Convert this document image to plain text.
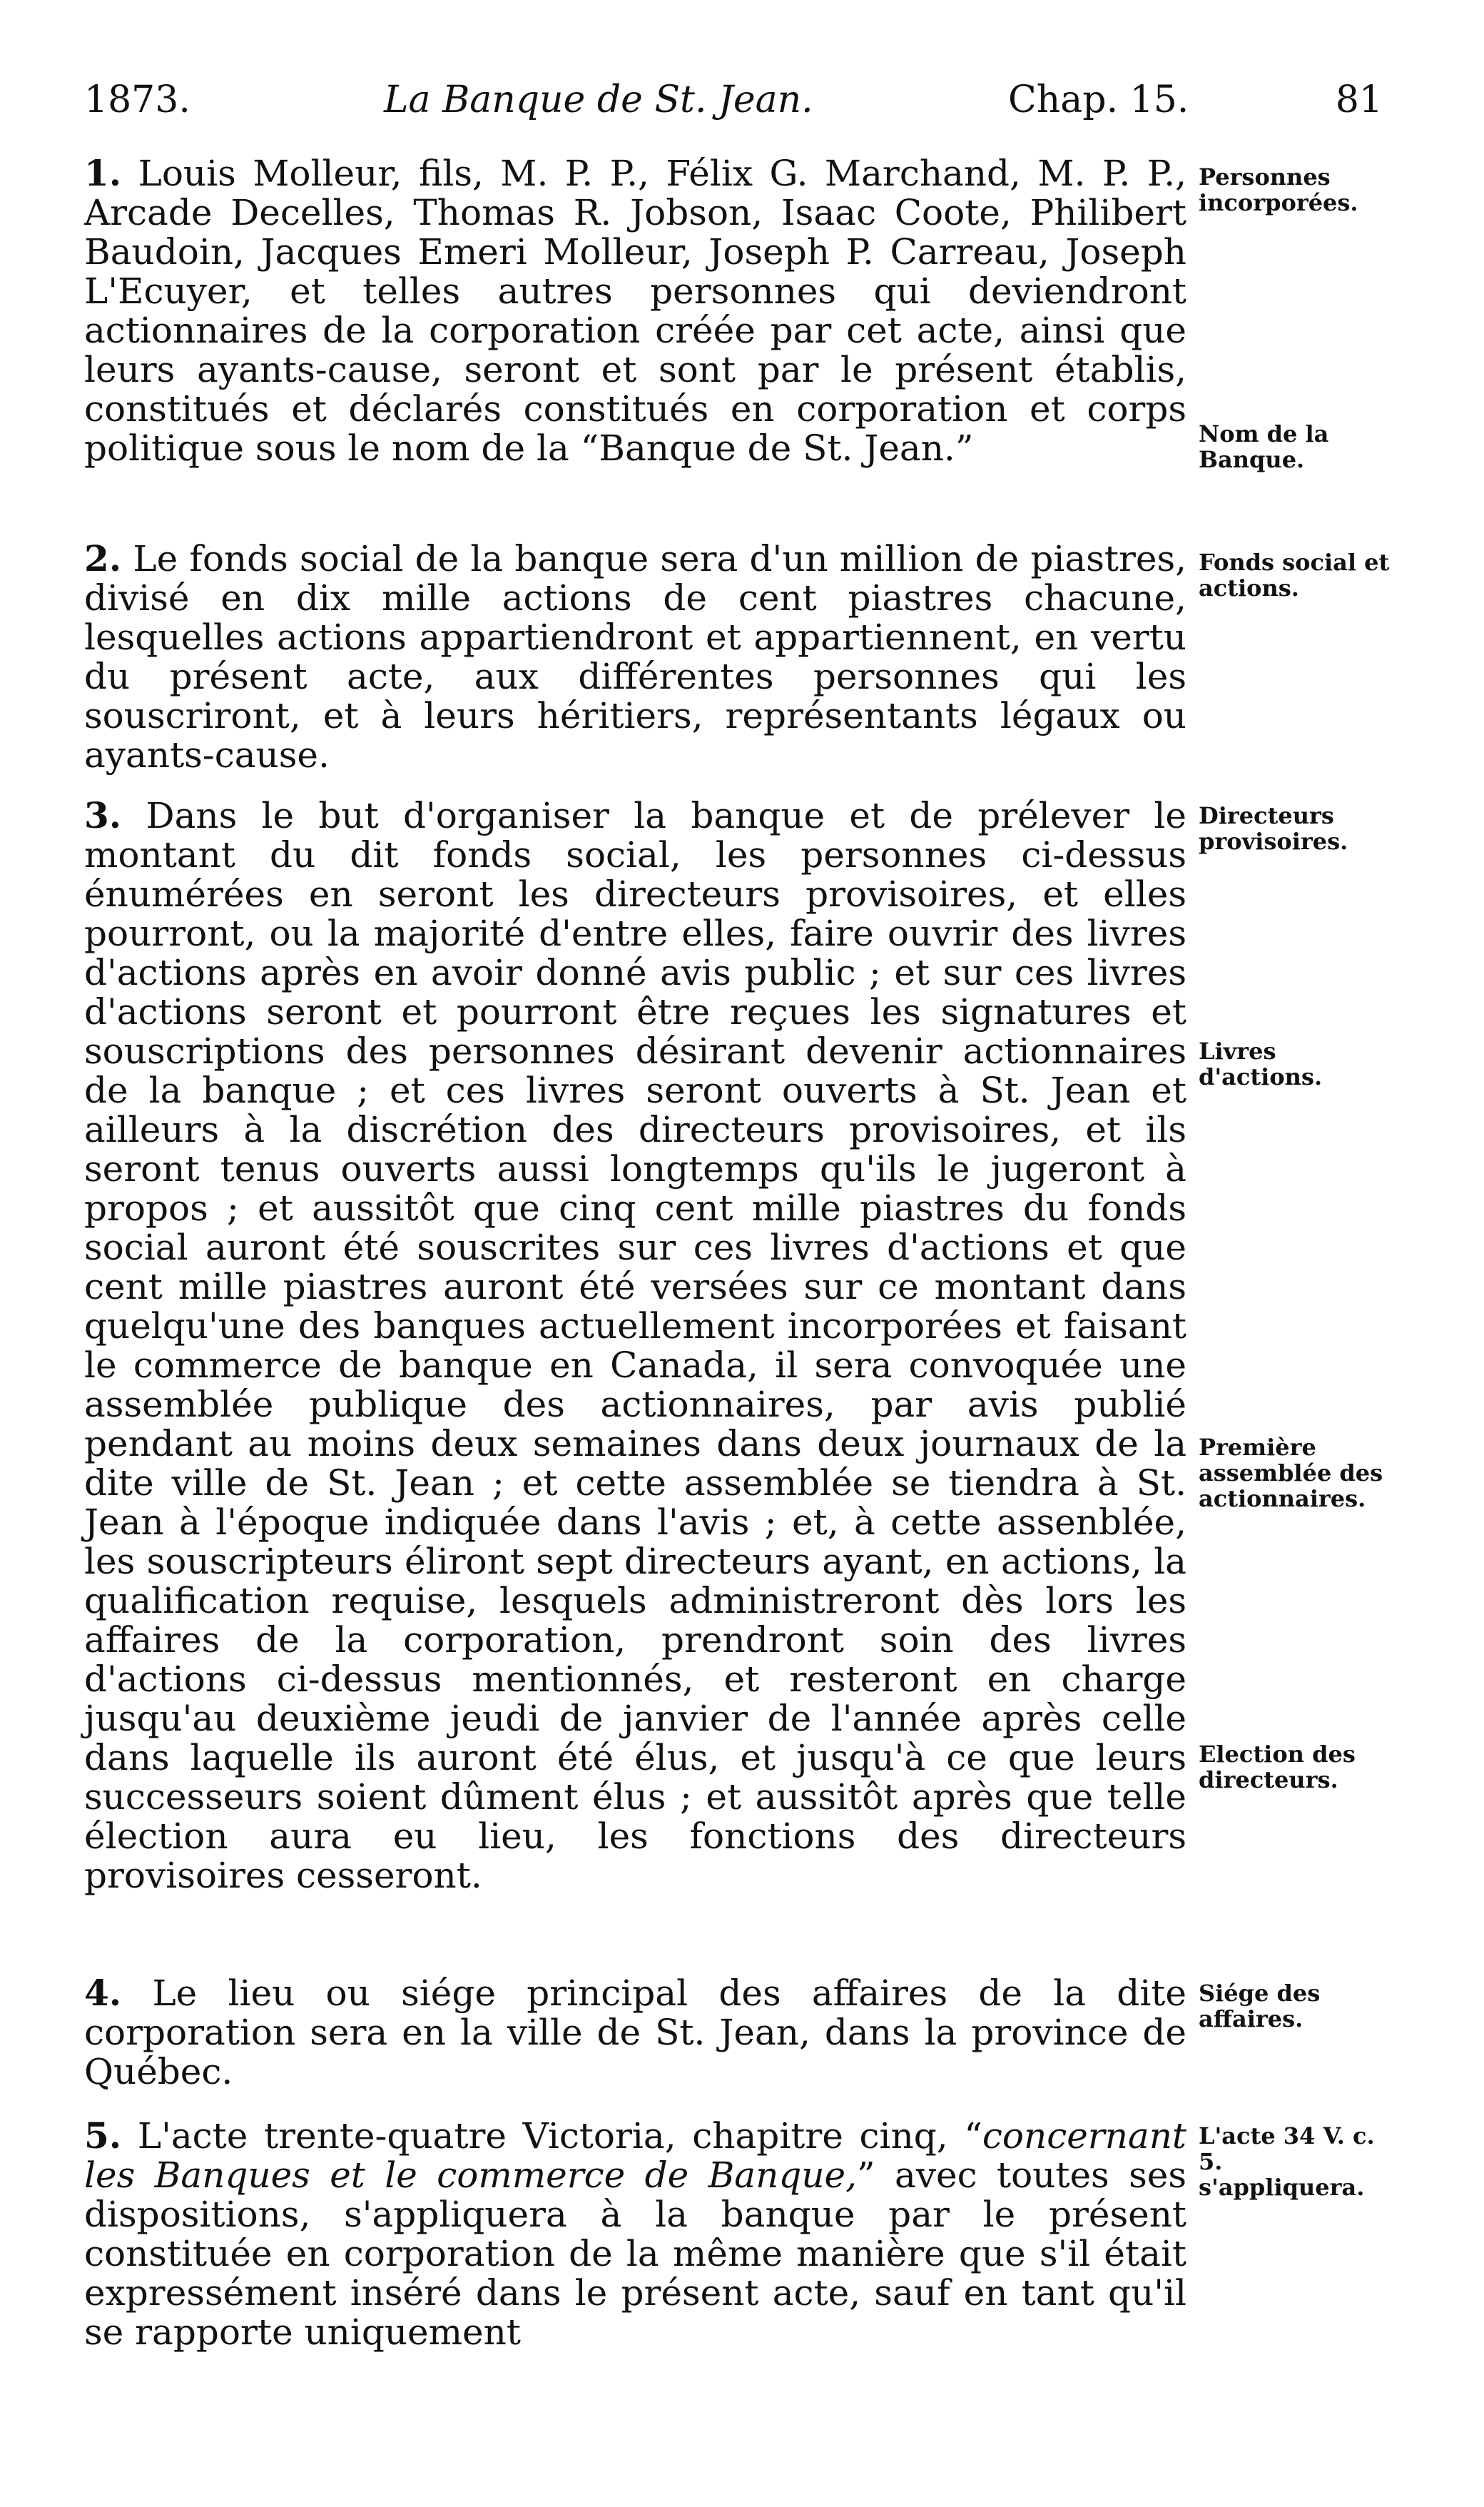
1873.	La Banque de St. Jean.	Chap. 15.	81
1. Louis Molleur, fils, M. P. P., Félix G. Marchand, M. P. P., Arcade Decelles, Thomas R. Jobson, Isaac Coote, Philibert Baudoin, Jacques Emeri Molleur, Joseph P. Carreau, Joseph L'Ecuyer, et telles autres personnes qui deviendront actionnaires de la corporation créée par cet acte, ainsi que leurs ayants-cause, seront et sont par le présent établis, constitués et déclarés constitués en corporation et corps politique sous le nom de la “Banque de St. Jean.”
2. Le fonds social de la banque sera d'un million de piastres, divisé en dix mille actions de cent piastres chacune, lesquelles actions appartiendront et appartiennent, en vertu du présent acte, aux différentes personnes qui les souscriront, et à leurs héritiers, représentants légaux ou ayants-cause.
3. Dans le but d'organiser la banque et de prélever le montant du dit fonds social, les personnes ci-dessus énumérées en seront les directeurs provisoires, et elles pourront, ou la majorité d'entre elles, faire ouvrir des livres d'actions après en avoir donné avis public ; et sur ces livres d'actions seront et pourront être reçues les signatures et souscriptions des personnes désirant devenir actionnaires de la banque ; et ces livres seront ouverts à St. Jean et ailleurs à la discrétion des directeurs provisoires, et ils seront tenus ouverts aussi longtemps qu'ils le jugeront à propos ; et aussitôt que cinq cent mille piastres du fonds social auront été souscrites sur ces livres d'actions et que cent mille piastres auront été versées sur ce montant dans quelqu'une des banques actuellement incorporées et faisant le commerce de banque en Canada, il sera convoquée une assemblée publique des actionnaires, par avis publié pendant au moins deux semaines dans deux journaux de la dite ville de St. Jean ; et cette assemblée se tiendra à St. Jean à l'époque indiquée dans l'avis ; et, à cette assenblée, les souscripteurs éliront sept directeurs ayant, en actions, la qualification requise, lesquels administreront dès lors les affaires de la corporation, prendront soin des livres d'actions ci-dessus mentionnés, et resteront en charge jusqu'au deuxième jeudi de janvier de l'année après celle dans laquelle ils auront été élus, et jusqu'à ce que leurs successeurs soient dûment élus ; et aussitôt après que telle élection aura eu lieu, les fonctions des directeurs provisoires cesseront.
4. Le lieu ou siége principal des affaires de la dite corporation sera en la ville de St. Jean, dans la province de Québec.
5. L'acte trente-quatre Victoria, chapitre cinq, “concernant les Banques et le commerce de Banque,” avec toutes ses dispositions, s'appliquera à la banque par le présent constituée en corporation de la même manière que s'il était expressément inséré dans le présent acte, sauf en tant qu'il se rapporte uniquement
Personnes incorporées.
Nom de la Banque.
Fonds social et actions.
Directeurs provisoires.
Livres d'actions.
Première assemblée des actionnaires.
Election des directeurs.
Siége des affaires.
L'acte 34 V. c. 5. s'appliquera.
